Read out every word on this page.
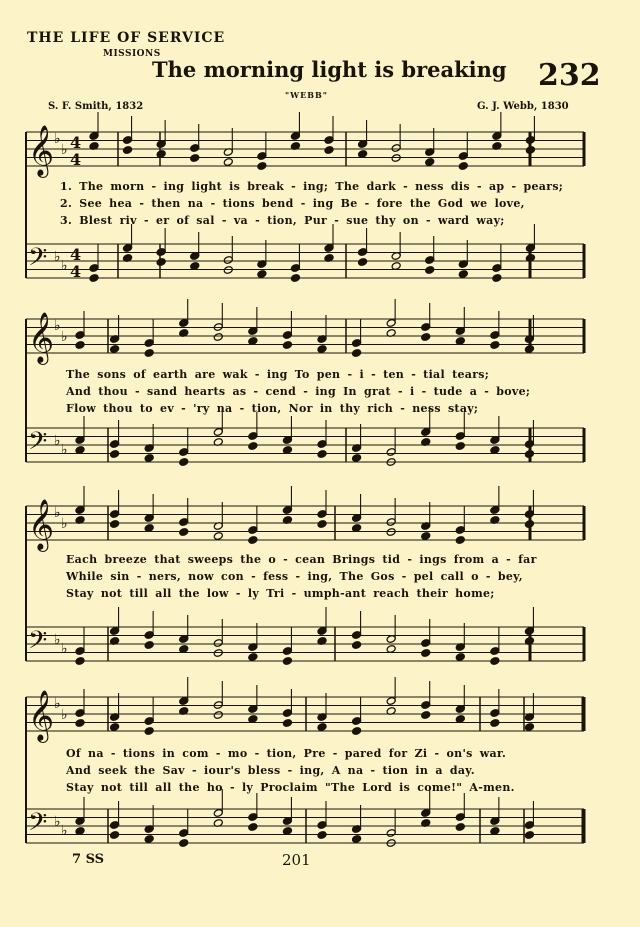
THE LIFE OF SERVICE
MISSIONS
The morning light is breaking 232
"WEBB"
S. F. Smith, 1832	G. J. Webb, 1830
𝄞 ♭
♭ 4
4
𝄢 ♭
♭
4
4
𝄞 ♭
♭
𝄢 ♭
♭
𝄞 ♭
♭
𝄢 ♭
♭
𝄞 ♭
♭
𝄢 ♭
♭
1. The morn - ing light is break - ing; The dark - ness dis - ap - pears;
2. See hea - then na - tions bend - ing Be - fore the God we love,
3. Blest riv - er of sal - va - tion, Pur - sue thy on - ward way;
The sons of earth are wak - ing To pen - i - ten - tial tears;
And thou - sand hearts as - cend - ing In grat - i - tude a - bove;
Flow thou to ev - 'ry na - tion, Nor in thy rich - ness stay;
Each breeze that sweeps the o - cean Brings tid - ings from a - far
While sin - ners, now con - fess - ing, The Gos - pel call o - bey,
Stay not till all the low - ly Tri - umph-ant reach their home;
Of na - tions in com - mo - tion, Pre - pared for Zi - on's war.
And seek the Sav - iour's bless - ing, A na - tion in a day.
Stay not till all the ho - ly Proclaim "The Lord is come!" A-men.
7 SS	201
